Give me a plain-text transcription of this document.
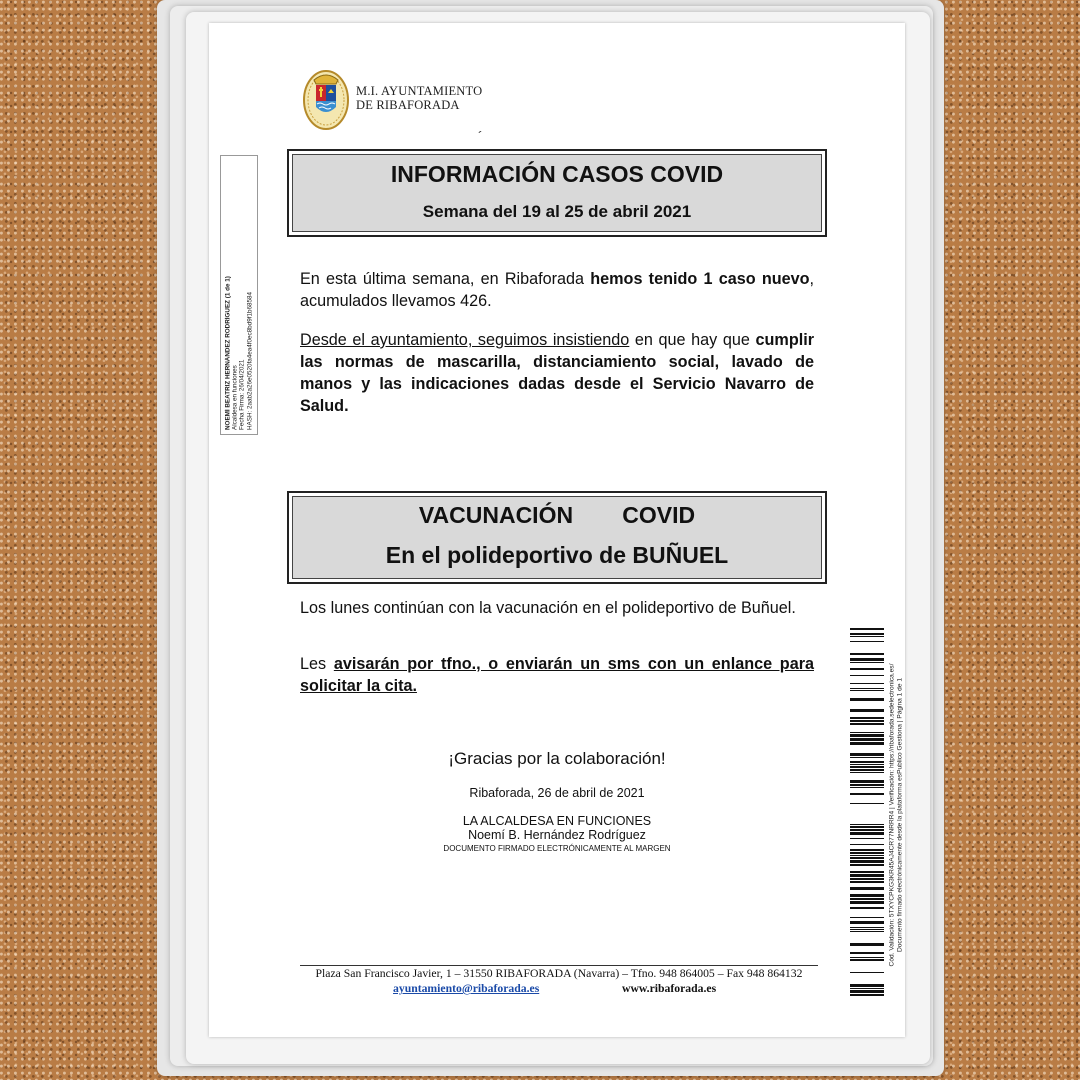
M.I. AYUNTAMIENTO
DE RIBAFORADA
´
NOEMÍ BEATRIZ HERNÁNDEZ RODRÍGUEZ (1 de 1) Alcaldesa en funciones Fecha Firma: 26/04/2021 HASH: 2aab2a26e0520fa4ea4f0ec8bd9f1b68584
INFORMACIÓN CASOS COVID
Semana del 19 al 25 de abril 2021
En esta última semana, en Ribaforada hemos tenido 1 caso nuevo, acumulados llevamos 426.
Desde el ayuntamiento, seguimos insistiendo en que hay que cumplir las normas de mascarilla, distanciamiento social, lavado de manos y las indicaciones dadas desde el Servicio Navarro de Salud.
VACUNACIÓN   COVID
En el polideportivo de BUÑUEL
Los lunes continúan con la vacunación en el polideportivo de Buñuel.
Les avisarán por tfno., o enviarán un sms con un enlance para solicitar la cita.
¡Gracias por la colaboración!
Ribaforada, 26 de abril de 2021
LA ALCALDESA EN FUNCIONES
Noemí B. Hernández Rodríguez
DOCUMENTO FIRMADO ELECTRÓNICAMENTE AL MARGEN
Plaza San Francisco Javier, 1 – 31550 RIBAFORADA (Navarra) – Tfno. 948 864005 – Fax 948 864132
ayuntamiento@ribaforada.es	www.ribaforada.es
Cód. Validación: 5TXYCPKG3KR45AJ4CR77NRRR4 | Verificación: https://ribaforada.sedelectronica.es/ Documento firmado electrónicamente desde la plataforma esPublico Gestiona | Página 1 de 1
